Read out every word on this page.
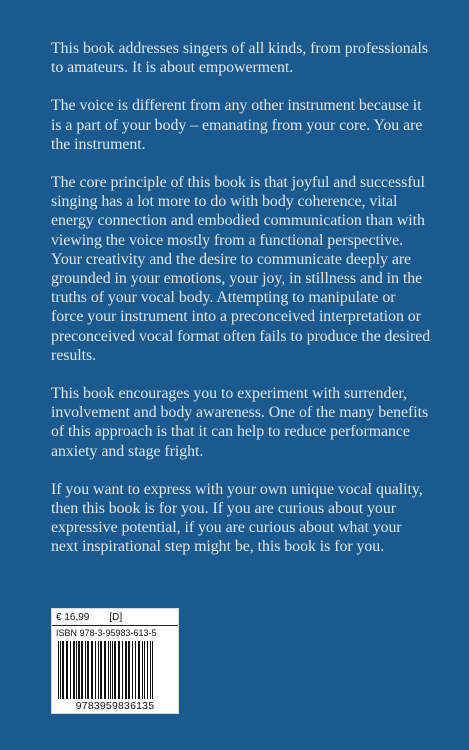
This book addresses singers of all kinds, from professionals to amateurs. It is about empowerment.

The voice is different from any other instrument because it is a part of your body – emanating from your core. You are the instrument.

The core principle of this book is that joyful and successful singing has a lot more to do with body coherence, vital energy connection and embodied communication than with viewing the voice mostly from a functional perspective. Your creativity and the desire to communicate deeply are grounded in your emotions, your joy, in stillness and in the truths of your vocal body. Attempting to manipulate or force your instrument into a preconceived interpretation or preconceived vocal format often fails to produce the desired results.

This book encourages you to experiment with surrender, involvement and body awareness. One of the many benefits of this approach is that it can help to reduce performance anxiety and stage fright.

If you want to express with your own unique vocal quality, then this book is for you. If you are curious about your expressive potential, if you are curious about what your next inspirational step might be, this book is for you.

€ 16,99 [D]
ISBN 978-3-95983-613-5
9783959836135
